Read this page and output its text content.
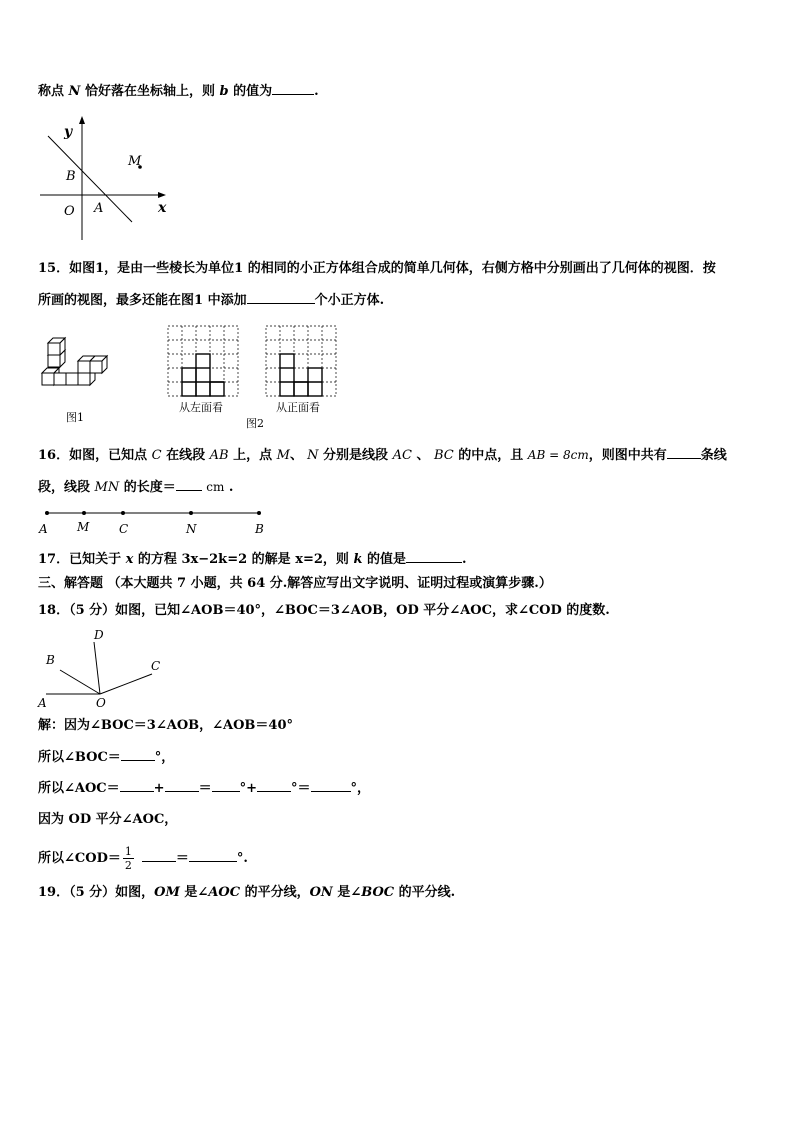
称点 N 恰好落在坐标轴上，则 b 的值为	.
y
x
O A
B
M
15．如图1，是由一些棱长为单位1 的相同的小正方体组合成的简单几何体，右侧方格中分别画出了几何体的视图．按
所画的视图，最多还能在图1 中添加	个小正方体.
图1
从左面看	从正面看
图2
16．如图，已知点 C 在线段 AB 上，点 M、 N 分别是线段 AC 、 BC 的中点，且 AB = 8cm，则图中共有	条线
段，线段 MN 的长度＝	cm .
A M C	N	B
17．已知关于 x 的方程 3x−2k=2 的解是 x=2，则 k 的值是	.
三、解答题 （本大题共 7 小题，共 64 分.解答应写出文字说明、证明过程或演算步骤.）
18．（5 分）如图，已知∠AOB＝40°，∠BOC＝3∠AOB，OD 平分∠AOC，求∠COD 的度数.
D
B	C
A	O
解：因为∠BOC＝3∠AOB，∠AOB＝40°
所以∠BOC＝	°，
所以∠AOC＝	+	＝ °+	°＝	°，
因为 OD 平分∠AOC，
所以∠COD＝ $\frac{1}{2}$	＝	°.
19．（5 分）如图，OM 是∠AOC 的平分线，ON 是∠BOC 的平分线.
